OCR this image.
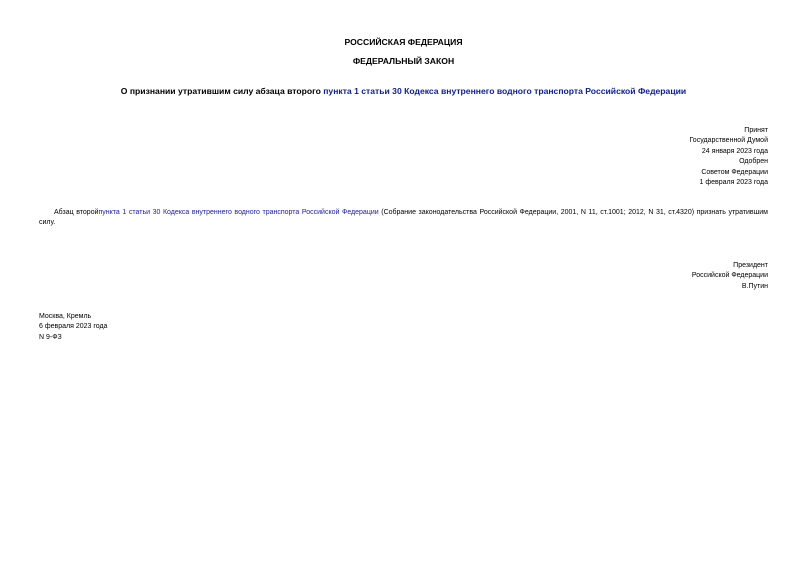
РОССИЙСКАЯ ФЕДЕРАЦИЯ
ФЕДЕРАЛЬНЫЙ ЗАКОН
О признании утратившим силу абзаца второго пункта 1 статьи 30 Кодекса внутреннего водного транспорта Российской Федерации
Принят
Государственной Думой
24 января 2023 года
Одобрен
Советом Федерации
1 февраля 2023 года
Абзац второйпункта 1 статьи 30 Кодекса внутреннего водного транспорта Российской Федерации (Собрание законодательства Российской Федерации, 2001, N 11, ст.1001; 2012, N 31, ст.4320) признать утратившим силу.
Президент
Российской Федерации
В.Путин
Москва, Кремль
6 февраля 2023 года
N 9-ФЗ
